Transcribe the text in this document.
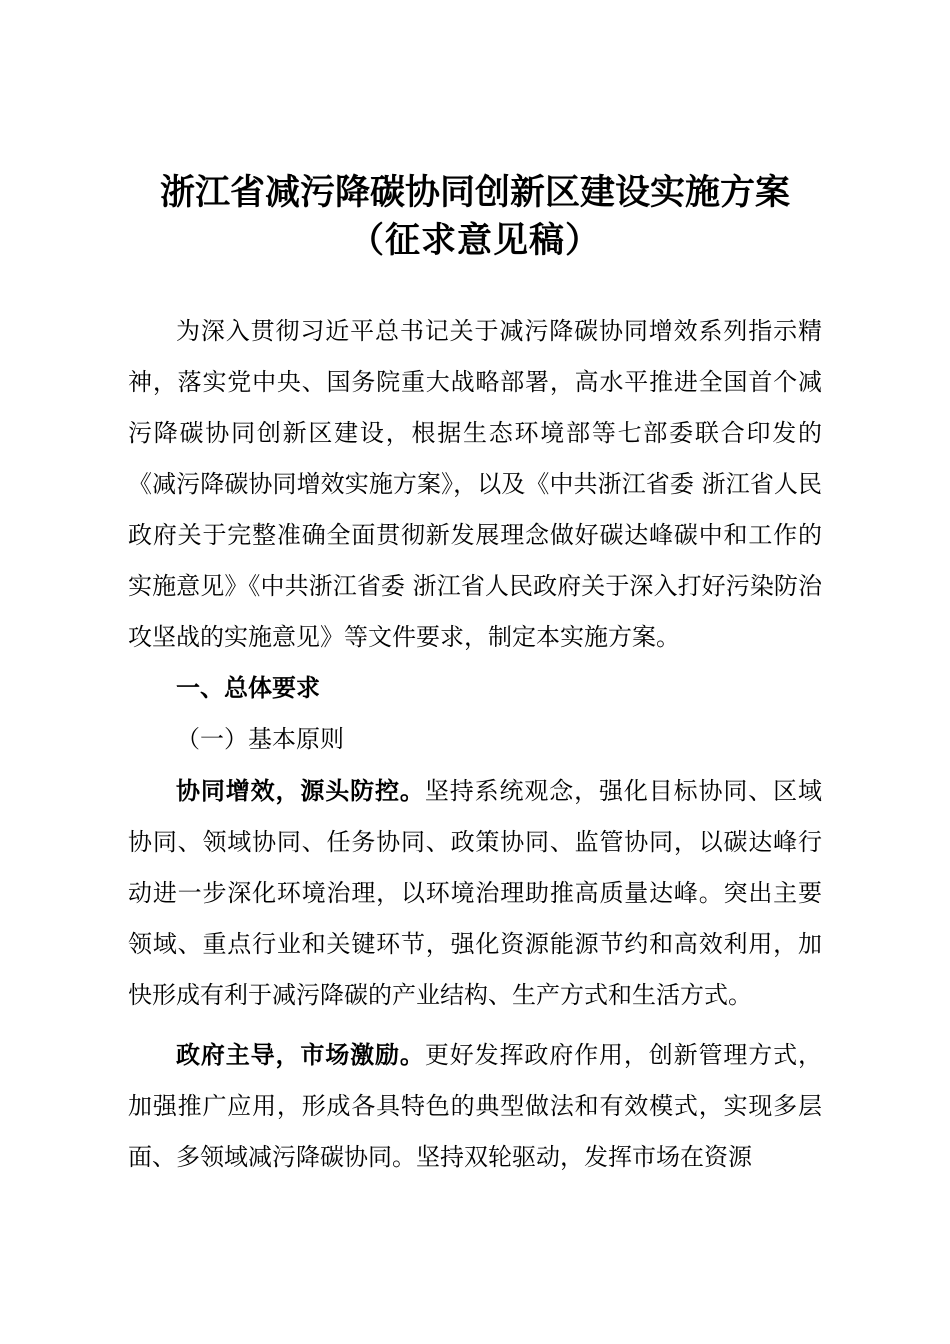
浙江省减污降碳协同创新区建设实施方案
（征求意见稿）

为深入贯彻习近平总书记关于减污降碳协同增效系列指示精神，落实党中央、国务院重大战略部署，高水平推进全国首个减污降碳协同创新区建设，根据生态环境部等七部委联合印发的《减污降碳协同增效实施方案》，以及《中共浙江省委 浙江省人民政府关于完整准确全面贯彻新发展理念做好碳达峰碳中和工作的实施意见》《中共浙江省委 浙江省人民政府关于深入打好污染防治攻坚战的实施意见》等文件要求，制定本实施方案。

一、总体要求

（一）基本原则

协同增效，源头防控。坚持系统观念，强化目标协同、区域协同、领域协同、任务协同、政策协同、监管协同，以碳达峰行动进一步深化环境治理，以环境治理助推高质量达峰。突出主要领域、重点行业和关键环节，强化资源能源节约和高效利用，加快形成有利于减污降碳的产业结构、生产方式和生活方式。

政府主导，市场激励。更好发挥政府作用，创新管理方式，加强推广应用，形成各具特色的典型做法和有效模式，实现多层面、多领域减污降碳协同。坚持双轮驱动，发挥市场在资源
